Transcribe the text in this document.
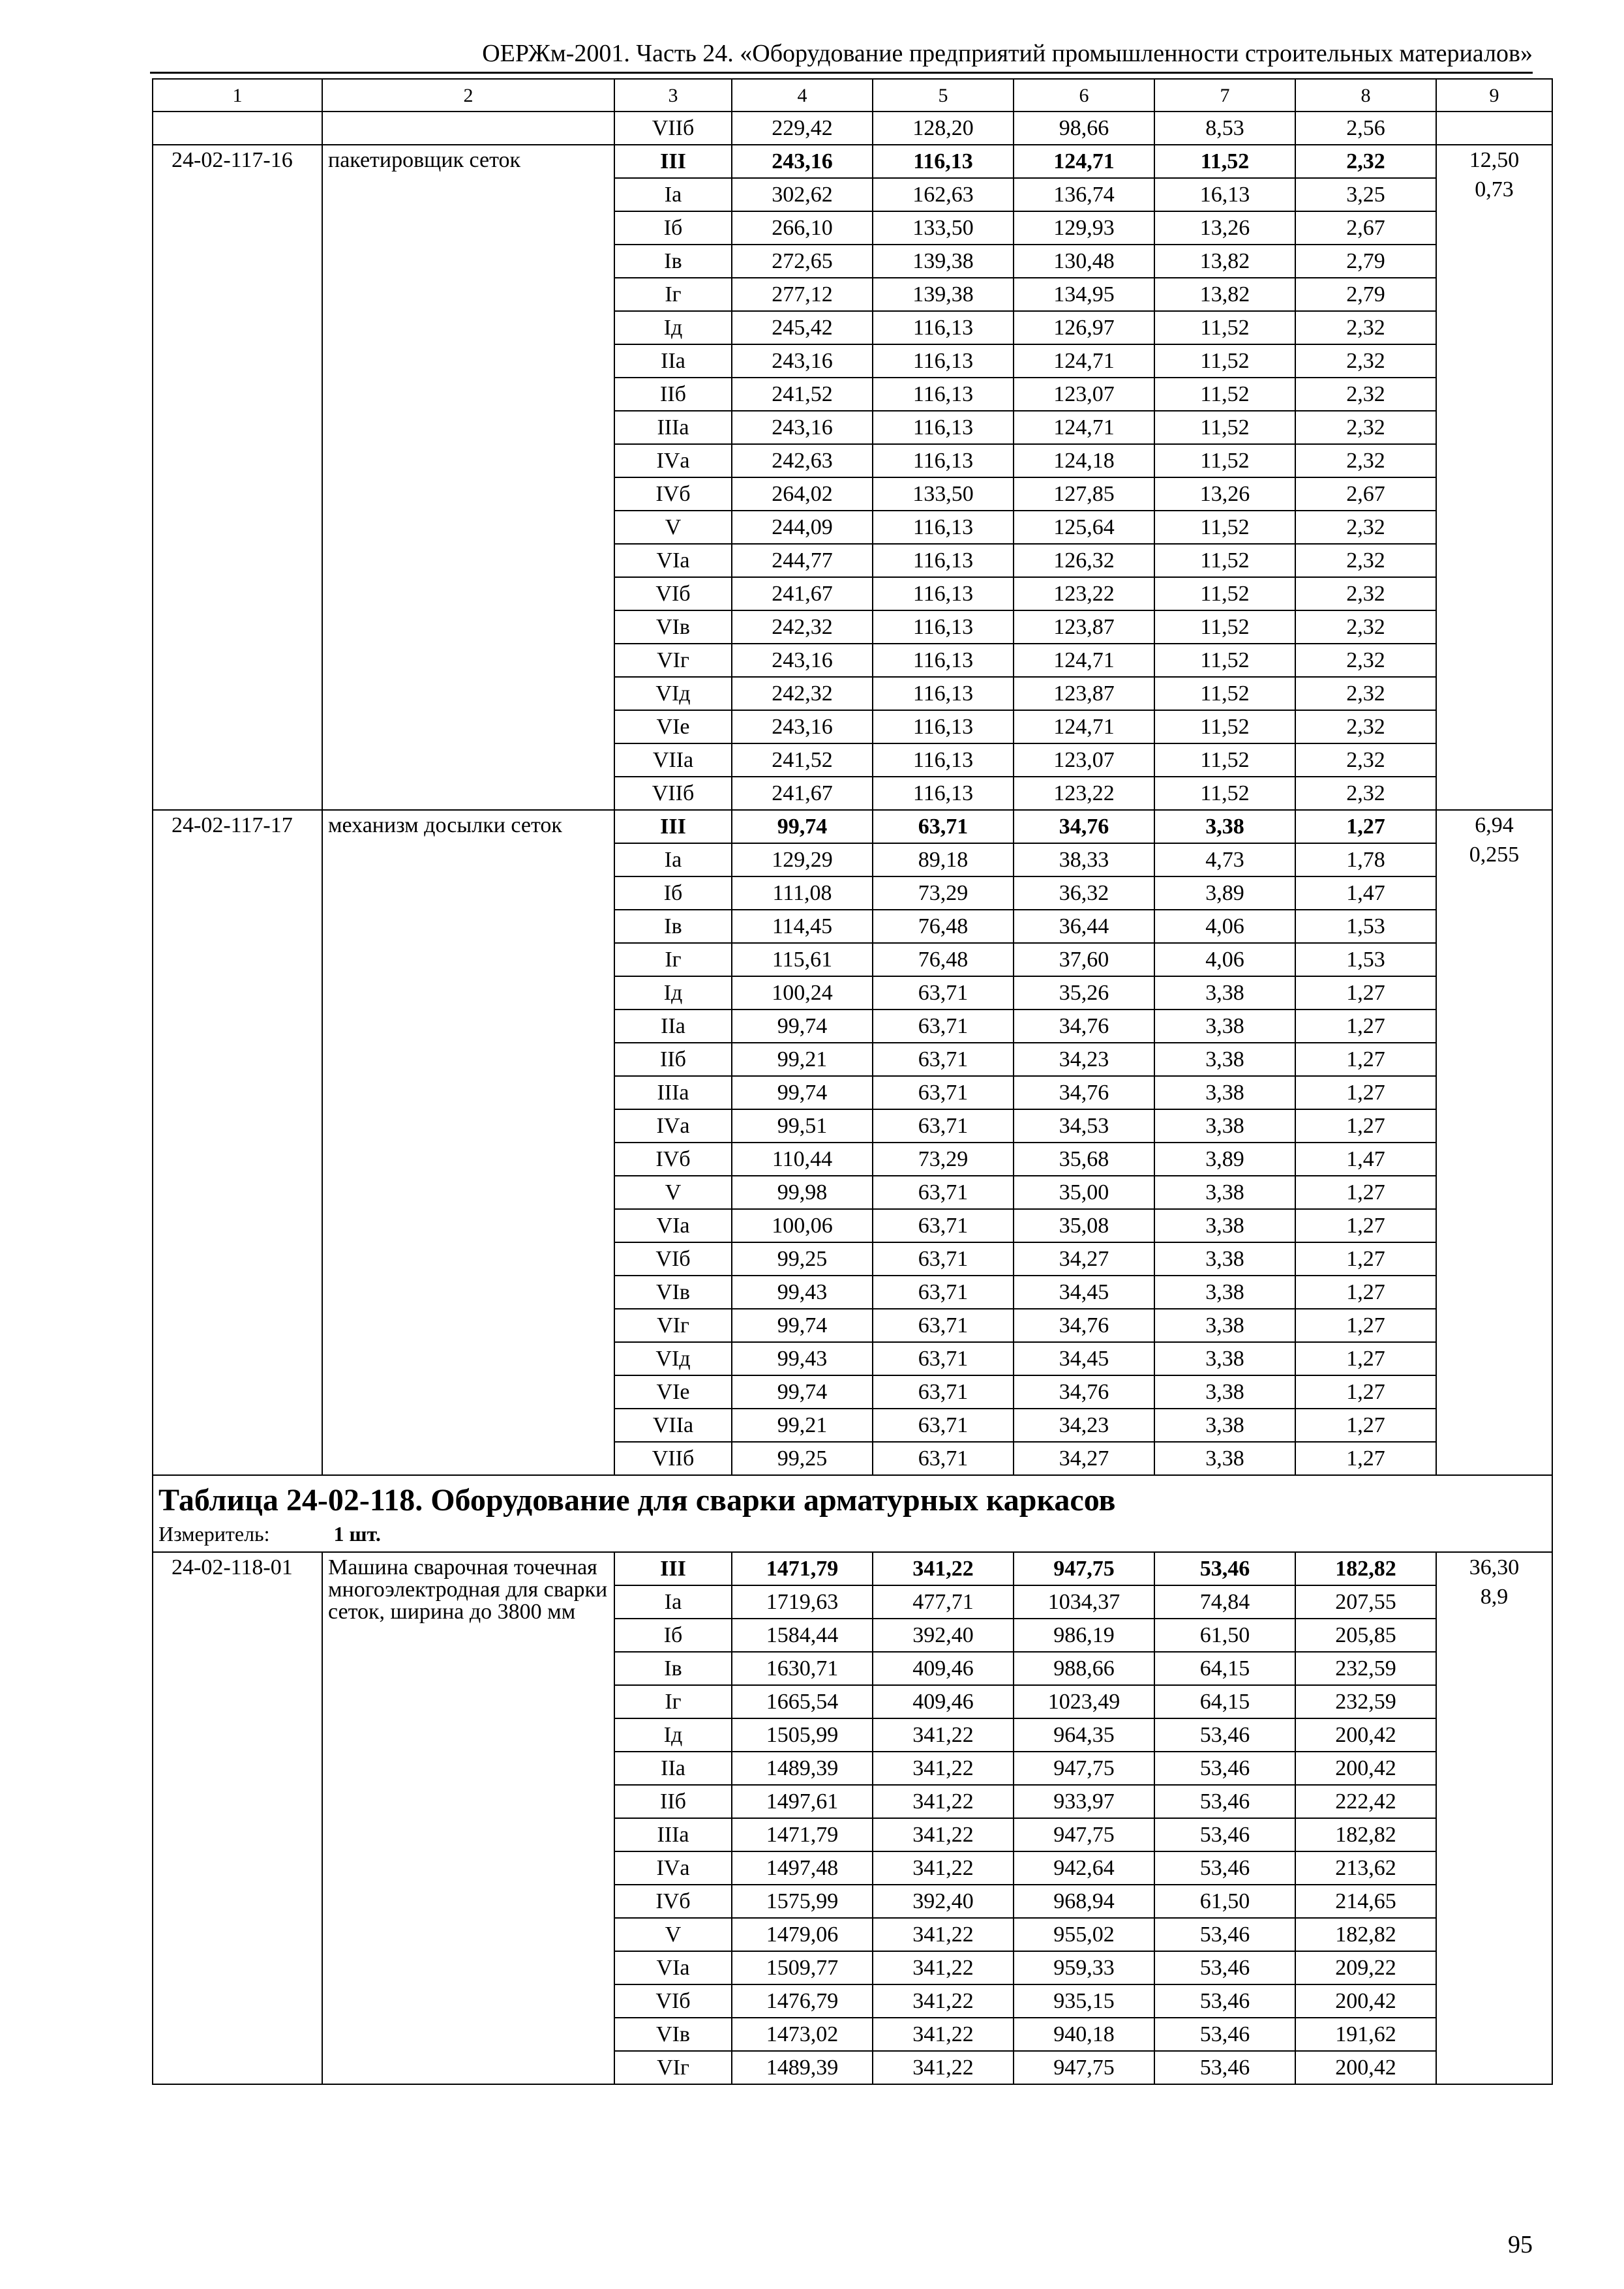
ОЕРЖм-2001. Часть 24. «Оборудование предприятий промышленности строительных материалов»
1	2	3	4	5	6	7	8	9
		VIIб	229,42	128,20	98,66	8,53	2,56	
24-02-117-16	пакетировщик сеток	III	243,16	116,13	124,71	11,52	2,32	12,50
0,73

		Iа	302,62	162,63	136,74	16,13	3,25	
		Iб	266,10	133,50	129,93	13,26	2,67	
		Iв	272,65	139,38	130,48	13,82	2,79	
		Iг	277,12	139,38	134,95	13,82	2,79	
		Iд	245,42	116,13	126,97	11,52	2,32	
		IIа	243,16	116,13	124,71	11,52	2,32	
		IIб	241,52	116,13	123,07	11,52	2,32	
		IIIа	243,16	116,13	124,71	11,52	2,32	
		IVа	242,63	116,13	124,18	11,52	2,32	
		IVб	264,02	133,50	127,85	13,26	2,67	
		V	244,09	116,13	125,64	11,52	2,32	
		VIа	244,77	116,13	126,32	11,52	2,32	
		VIб	241,67	116,13	123,22	11,52	2,32	
		VIв	242,32	116,13	123,87	11,52	2,32	
		VIг	243,16	116,13	124,71	11,52	2,32	
		VIд	242,32	116,13	123,87	11,52	2,32	
		VIе	243,16	116,13	124,71	11,52	2,32	
		VIIа	241,52	116,13	123,07	11,52	2,32	
		VIIб	241,67	116,13	123,22	11,52	2,32	
24-02-117-17	механизм досылки сеток	III	99,74	63,71	34,76	3,38	1,27	6,94
0,255

		Iа	129,29	89,18	38,33	4,73	1,78	
		Iб	111,08	73,29	36,32	3,89	1,47	
		Iв	114,45	76,48	36,44	4,06	1,53	
		Iг	115,61	76,48	37,60	4,06	1,53	
		Iд	100,24	63,71	35,26	3,38	1,27	
		IIа	99,74	63,71	34,76	3,38	1,27	
		IIб	99,21	63,71	34,23	3,38	1,27	
		IIIа	99,74	63,71	34,76	3,38	1,27	
		IVа	99,51	63,71	34,53	3,38	1,27	
		IVб	110,44	73,29	35,68	3,89	1,47	
		V	99,98	63,71	35,00	3,38	1,27	
		VIа	100,06	63,71	35,08	3,38	1,27	
		VIб	99,25	63,71	34,27	3,38	1,27	
		VIв	99,43	63,71	34,45	3,38	1,27	
		VIг	99,74	63,71	34,76	3,38	1,27	
		VIд	99,43	63,71	34,45	3,38	1,27	
		VIе	99,74	63,71	34,76	3,38	1,27	
		VIIа	99,21	63,71	34,23	3,38	1,27	
		VIIб	99,25	63,71	34,27	3,38	1,27	

Таблица 24-02-118. Оборудование для сварки арматурных каркасов
Измеритель: 1 шт.								

24-02-118-01	Машина сварочная точечная многоэлектродная для сварки сеток, ширина до 3800 мм	III	1471,79	341,22	947,75	53,46	182,82	36,30
8,9

		Iа	1719,63	477,71	1034,37	74,84	207,55	
		Iб	1584,44	392,40	986,19	61,50	205,85	
		Iв	1630,71	409,46	988,66	64,15	232,59	
		Iг	1665,54	409,46	1023,49	64,15	232,59	
		Iд	1505,99	341,22	964,35	53,46	200,42	
		IIа	1489,39	341,22	947,75	53,46	200,42	
		IIб	1497,61	341,22	933,97	53,46	222,42	
		IIIа	1471,79	341,22	947,75	53,46	182,82	
		IVа	1497,48	341,22	942,64	53,46	213,62	
		IVб	1575,99	392,40	968,94	61,50	214,65	
		V	1479,06	341,22	955,02	53,46	182,82	
		VIа	1509,77	341,22	959,33	53,46	209,22	
		VIб	1476,79	341,22	935,15	53,46	200,42	
		VIв	1473,02	341,22	940,18	53,46	191,62	
		VIг	1489,39	341,22	947,75	53,46	200,42	
95
